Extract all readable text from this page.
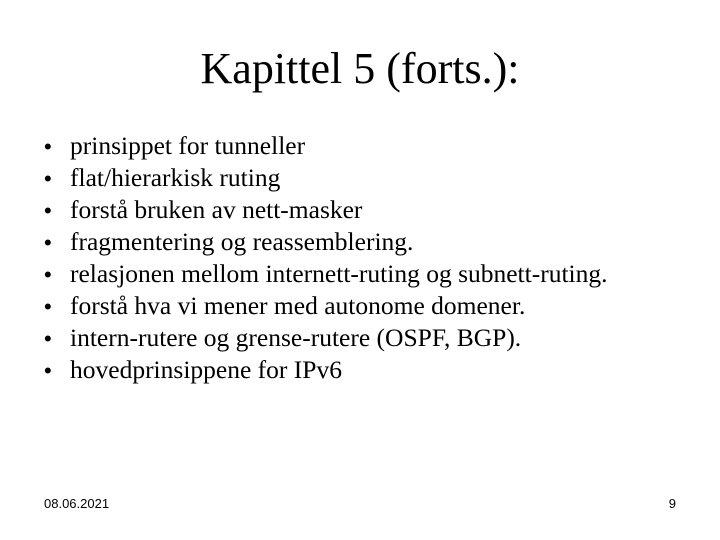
Kapittel 5 (forts.):
• prinsippet for tunneller
• flat/hierarkisk ruting
• forstå bruken av nett-masker
• fragmentering og reassemblering.
• relasjonen mellom internett-ruting og subnett-ruting.
• forstå hva vi mener med autonome domener.
• intern-rutere og grense-rutere (OSPF, BGP).
• hovedprinsippene for IPv6
08.06.2021	9
